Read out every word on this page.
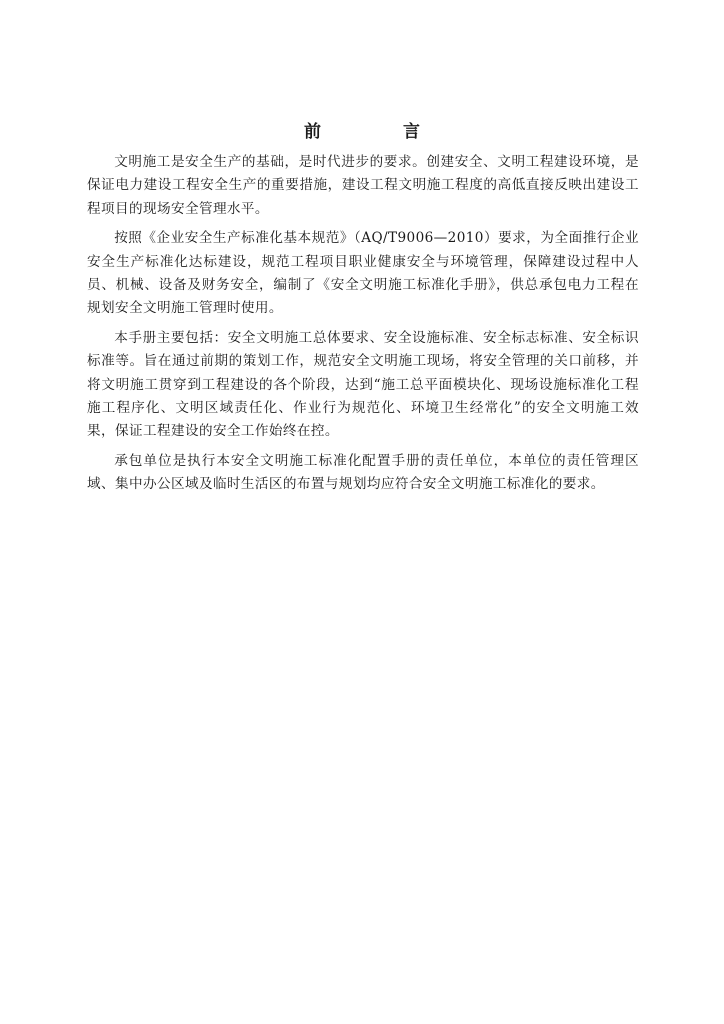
前 言

文明施工是安全生产的基础，是时代进步的要求。创建安全、文明工程建设环境，是保证电力建设工程安全生产的重要措施，建设工程文明施工程度的高低直接反映出建设工程项目的现场安全管理水平。

按照《企业安全生产标准化基本规范》（AQ/T9006—2010）要求，为全面推行企业安全生产标准化达标建设，规范工程项目职业健康安全与环境管理，保障建设过程中人员、机械、设备及财务安全，编制了《安全文明施工标准化手册》，供总承包电力工程在规划安全文明施工管理时使用。

本手册主要包括：安全文明施工总体要求、安全设施标准、安全标志标准、安全标识标准等。旨在通过前期的策划工作，规范安全文明施工现场，将安全管理的关口前移，并将文明施工贯穿到工程建设的各个阶段，达到“施工总平面模块化、现场设施标准化工程施工程序化、文明区域责任化、作业行为规范化、环境卫生经常化”的安全文明施工效果，保证工程建设的安全工作始终在控。

承包单位是执行本安全文明施工标准化配置手册的责任单位，本单位的责任管理区域、集中办公区域及临时生活区的布置与规划均应符合安全文明施工标准化的要求。
